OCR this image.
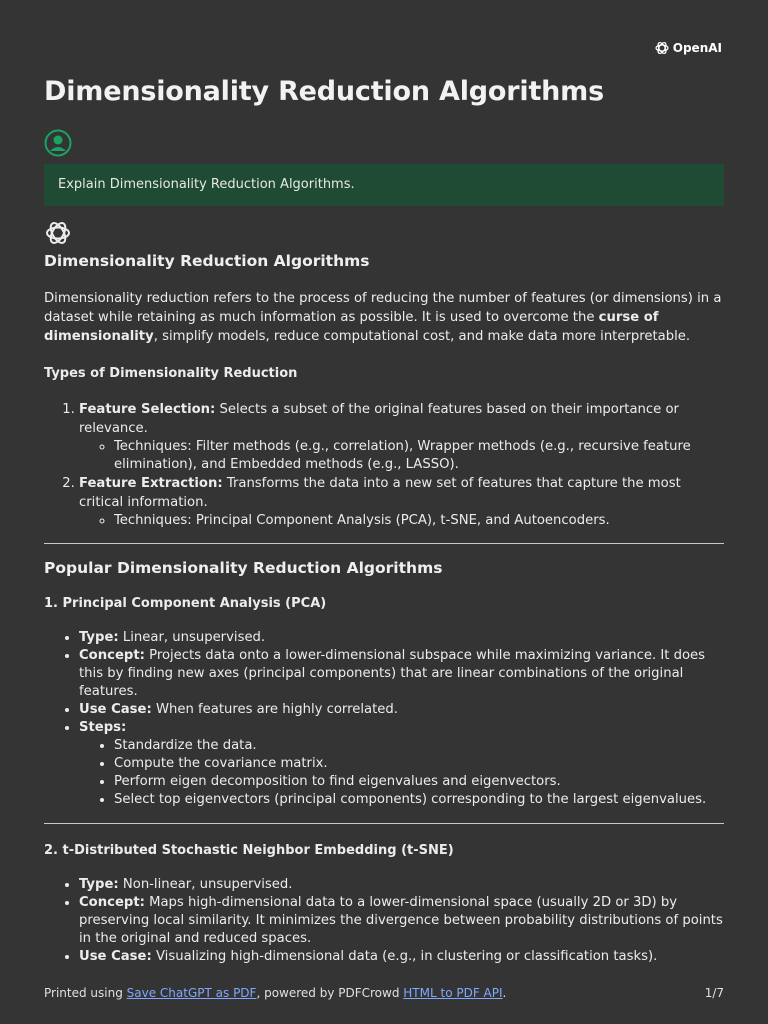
OpenAI
Dimensionality Reduction Algorithms
Explain Dimensionality Reduction Algorithms.
Dimensionality Reduction Algorithms

Dimensionality reduction refers to the process of reducing the number of features (or dimensions) in a dataset while retaining as much information as possible. It is used to overcome the curse of dimensionality, simplify models, reduce computational cost, and make data more interpretable.

Types of Dimensionality Reduction
1. Feature Selection: Selects a subset of the original features based on their importance or relevance.
◦ Techniques: Filter methods (e.g., correlation), Wrapper methods (e.g., recursive feature elimination), and Embedded methods (e.g., LASSO).
2. Feature Extraction: Transforms the data into a new set of features that capture the most critical information.
◦ Techniques: Principal Component Analysis (PCA), t-SNE, and Autoencoders.
Popular Dimensionality Reduction Algorithms
1. Principal Component Analysis (PCA)
• Type: Linear, unsupervised.
• Concept: Projects data onto a lower-dimensional subspace while maximizing variance. It does this by finding new axes (principal components) that are linear combinations of the original features.
• Use Case: When features are highly correlated.
• Steps:
• Standardize the data.
• Compute the covariance matrix.
• Perform eigen decomposition to find eigenvalues and eigenvectors.
• Select top eigenvectors (principal components) corresponding to the largest eigenvalues.
2. t-Distributed Stochastic Neighbor Embedding (t-SNE)
• Type: Non-linear, unsupervised.
• Concept: Maps high-dimensional data to a lower-dimensional space (usually 2D or 3D) by preserving local similarity. It minimizes the divergence between probability distributions of points in the original and reduced spaces.
• Use Case: Visualizing high-dimensional data (e.g., in clustering or classification tasks).
Printed using Save ChatGPT as PDF, powered by PDFCrowd HTML to PDF API.	1/7
